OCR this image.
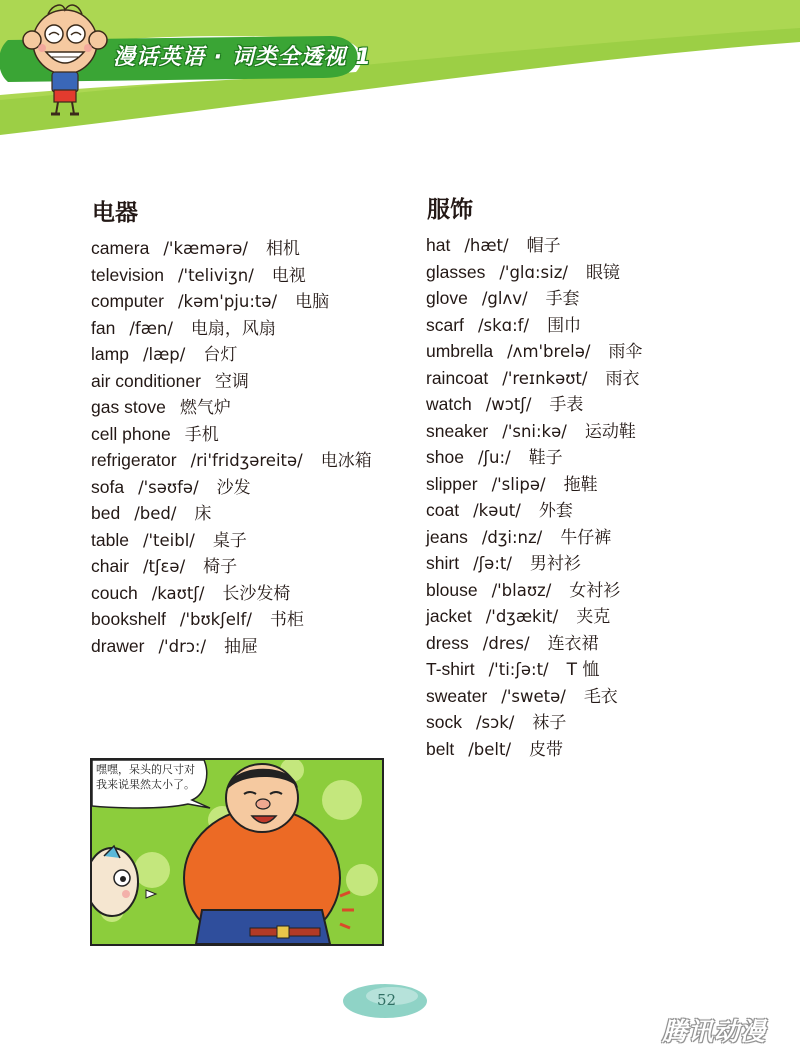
漫话英语 · 词类全透视 1
电器
camera /'kæmərə/ 相机
television /'teliviʒn/ 电视
computer /kəm'pju:tə/ 电脑
fan /fæn/ 电扇，风扇
lamp /læp/ 台灯
air conditioner 空调
gas stove 燃气炉
cell phone 手机
refrigerator /ri'fridʒəreitə/ 电冰箱
sofa /'səʊfə/ 沙发
bed /bed/ 床
table /'teibl/ 桌子
chair /tʃɛə/ 椅子
couch /kaʊtʃ/ 长沙发椅
bookshelf /'bʊkʃelf/ 书柜
drawer /'drɔ:/ 抽屉
服饰
hat /hæt/ 帽子
glasses /'glɑ:siz/ 眼镜
glove /glʌv/ 手套
scarf /skɑ:f/ 围巾
umbrella /ʌm'brelə/ 雨伞
raincoat /'reɪnkəʊt/ 雨衣
watch /wɔtʃ/ 手表
sneaker /'sni:kə/ 运动鞋
shoe /ʃu:/ 鞋子
slipper /'slipə/ 拖鞋
coat /kəut/ 外套
jeans /dʒi:nz/ 牛仔裤
shirt /ʃə:t/ 男衬衫
blouse /'blaʊz/ 女衬衫
jacket /'dʒækit/ 夹克
dress /dres/ 连衣裙
T-shirt /'ti:ʃə:t/ T 恤
sweater /'swetə/ 毛衣
sock /sɔk/ 袜子
belt /belt/ 皮带
嘿嘿，呆头的尺寸对我来说果然太小了。
52
腾讯动漫
